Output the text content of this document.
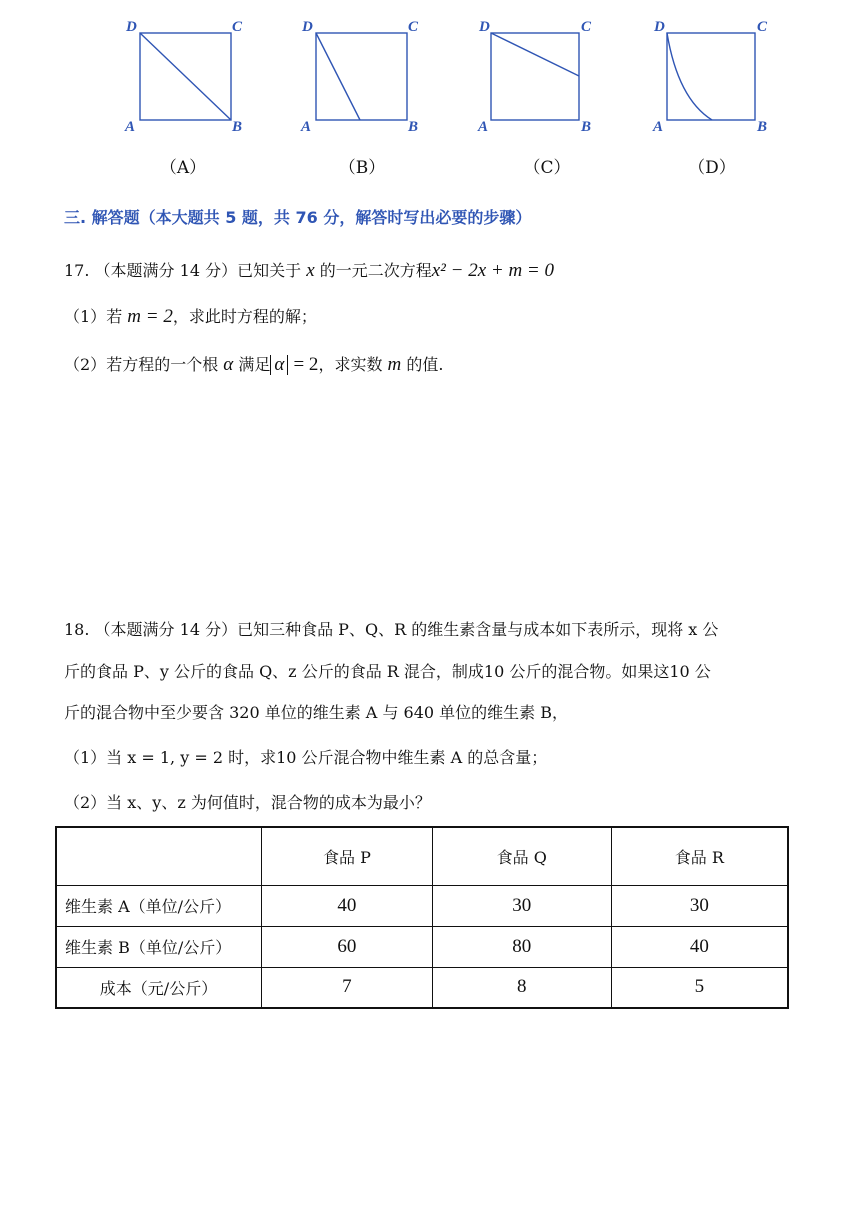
D	C
A	B
D	C
A	B
D	C
A	B
D	C
A	B
（A）	（B）	（C）	（D）
三. 解答题（本大题共 5 题，共 76 分，解答时写出必要的步骤）
17. （本题满分 14 分）已知关于 x 的一元二次方程x² − 2x + m = 0
（1）若 m = 2，求此时方程的解；
（2）若方程的一个根 α 满足 α = 2，求实数 m 的值.
18. （本题满分 14 分）已知三种食品 P、Q、R 的维生素含量与成本如下表所示，现将 x 公
斤的食品 P、y 公斤的食品 Q、z 公斤的食品 R 混合，制成10 公斤的混合物。如果这10 公
斤的混合物中至少要含 320 单位的维生素 A 与 640 单位的维生素 B，
（1）当 x = 1, y = 2 时，求10 公斤混合物中维生素 A 的总含量；
（2）当 x、y、z 为何值时，混合物的成本为最小？
	食品 P	食品 Q	食品 R
维生素 A（单位/公斤）	40	30	30
维生素 B（单位/公斤）	60	80	40
成本（元/公斤）	7	8	5
